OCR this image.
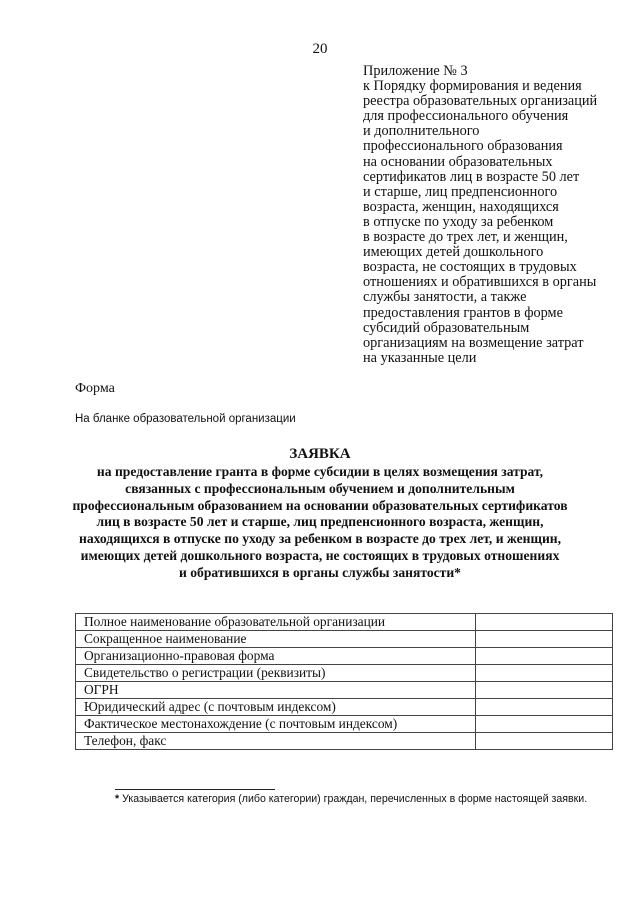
20
Приложение № 3
к Порядку формирования и ведения
реестра образовательных организаций
для профессионального обучения
и дополнительного
профессионального образования
на основании образовательных
сертификатов лиц в возрасте 50 лет
и старше, лиц предпенсионного
возраста, женщин, находящихся
в отпуске по уходу за ребенком
в возрасте до трех лет, и женщин,
имеющих детей дошкольного
возраста, не состоящих в трудовых
отношениях и обратившихся в органы
службы занятости, а также
предоставления грантов в форме
субсидий образовательным
организациям на возмещение затрат
на указанные цели
Форма
На бланке образовательной организации
ЗАЯВКА
на предоставление гранта в форме субсидии в целях возмещения затрат,
связанных с профессиональным обучением и дополнительным
профессиональным образованием на основании образовательных сертификатов
лиц в возрасте 50 лет и старше, лиц предпенсионного возраста, женщин,
находящихся в отпуске по уходу за ребенком в возрасте до трех лет, и женщин,
имеющих детей дошкольного возраста, не состоящих в трудовых отношениях
и обратившихся в органы службы занятости*
Полное наименование образовательной организации	
Сокращенное наименование	
Организационно-правовая форма	
Свидетельство о регистрации (реквизиты)	
ОГРН	
Юридический адрес (с почтовым индексом)	
Фактическое местонахождение (с почтовым индексом)	
Телефон, факс	
* Указывается категория (либо категории) граждан, перечисленных в форме настоящей заявки.
